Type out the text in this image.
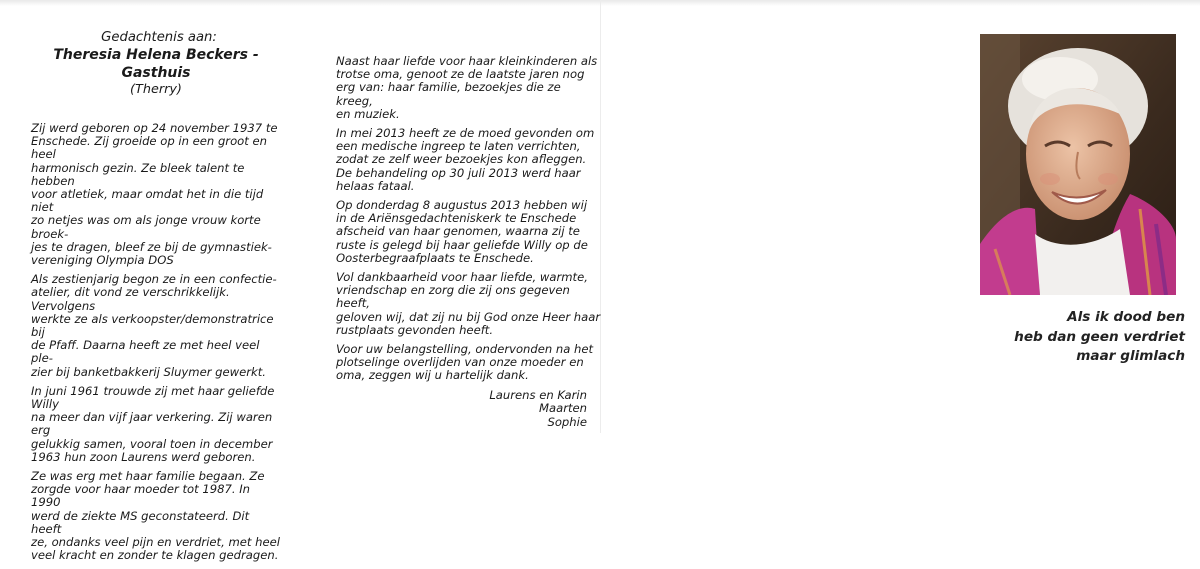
Gedachtenis aan:
Theresia Helena Beckers - Gasthuis
(Therry)

Zij werd geboren op 24 november 1937 te
Enschede. Zij groeide op in een groot en heel
harmonisch gezin. Ze bleek talent te hebben
voor atletiek, maar omdat het in die tijd niet
zo netjes was om als jonge vrouw korte broek-
jes te dragen, bleef ze bij de gymnastiek-
vereniging Olympia DOS

Als zestienjarig begon ze in een confectie-
atelier, dit vond ze verschrikkelijk. Vervolgens
werkte ze als verkoopster/demonstratrice bij
de Pfaff. Daarna heeft ze met heel veel ple-
zier bij banketbakkerij Sluymer gewerkt.

In juni 1961 trouwde zij met haar geliefde Willy
na meer dan vijf jaar verkering. Zij waren erg
gelukkig samen, vooral toen in december
1963 hun zoon Laurens werd geboren.

Ze was erg met haar familie begaan. Ze
zorgde voor haar moeder tot 1987. In 1990
werd de ziekte MS geconstateerd. Dit heeft
ze, ondanks veel pijn en verdriet, met heel
veel kracht en zonder te klagen gedragen.

Naast haar liefde voor haar kleinkinderen als
trotse oma, genoot ze de laatste jaren nog
erg van: haar familie, bezoekjes die ze kreeg,
en muziek.

In mei 2013 heeft ze de moed gevonden om
een medische ingreep te laten verrichten,
zodat ze zelf weer bezoekjes kon afleggen.
De behandeling op 30 juli 2013 werd haar
helaas fataal.

Op donderdag 8 augustus 2013 hebben wij
in de Ariënsgedachteniskerk te Enschede
afscheid van haar genomen, waarna zij te
ruste is gelegd bij haar geliefde Willy op de
Oosterbegraafplaats te Enschede.

Vol dankbaarheid voor haar liefde, warmte,
vriendschap en zorg die zij ons gegeven heeft,
geloven wij, dat zij nu bij God onze Heer haar
rustplaats gevonden heeft.

Voor uw belangstelling, ondervonden na het
plotselinge overlijden van onze moeder en
oma, zeggen wij u hartelijk dank.

Laurens en Karin
Maarten
Sophie
Als ik dood ben
heb dan geen verdriet
maar glimlach
